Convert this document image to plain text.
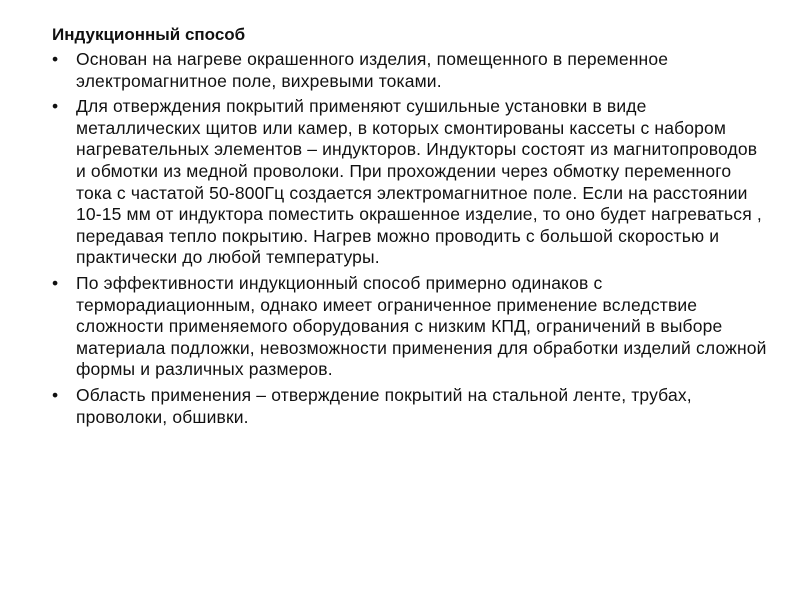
Индукционный способ
•	Основан на нагреве окрашенного изделия, помещенного в переменное электромагнитное поле, вихревыми токами.
•	Для отверждения покрытий применяют сушильные установки в виде металлических щитов или камер, в которых смонтированы кассеты с набором нагревательных элементов – индукторов. Индукторы состоят из магнитопроводов и обмотки из медной проволоки. При прохождении через обмотку переменного тока с частатой 50-800Гц создается электромагнитное поле. Если на расстоянии 10-15 мм от индуктора поместить окрашенное изделие, то оно будет нагреваться , передавая тепло покрытию. Нагрев можно проводить с большой скоростью и практически до любой температуры.
•	По эффективности индукционный способ примерно одинаков с терморадиационным, однако имеет ограниченное применение вследствие сложности применяемого оборудования с низким КПД, ограничений в выборе материала подложки, невозможности применения для обработки изделий сложной формы и различных размеров.
•	Область применения – отверждение покрытий на стальной ленте, трубах, проволоки, обшивки.
